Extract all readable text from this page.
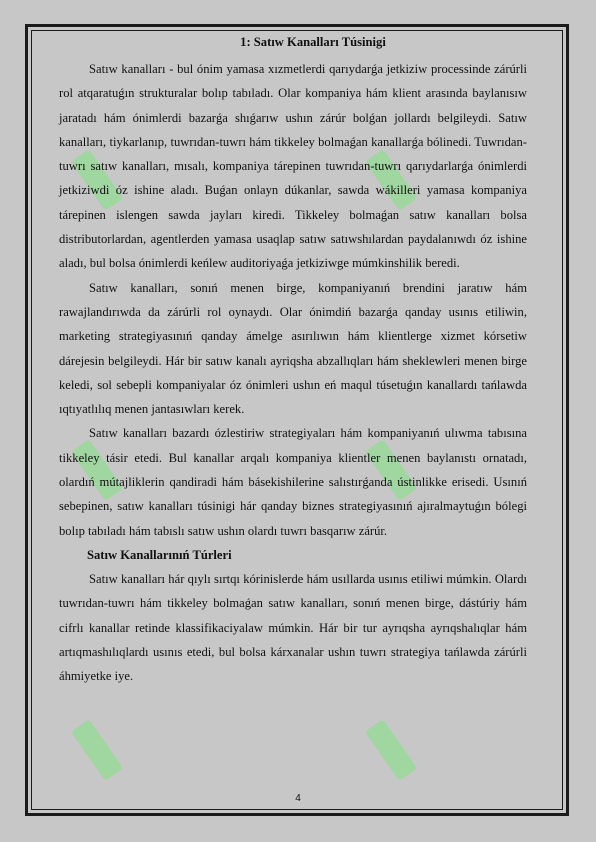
1: Satıw Kanalları Túsinigi

Satıw kanalları - bul ónim yamasa xızmetlerdi qarıydarǵa jetkiziw processinde zárúrli rol atqaratuǵın strukturalar bolıp tabıladı. Olar kompaniya hám klient arasında baylanısıw jaratadı hám ónimlerdi bazarǵa shıǵarıw ushın zárúr bolǵan jollardı belgileydi. Satıw kanalları, tiykarlanıp, tuwrıdan-tuwrı hám tikkeley bolmaǵan kanallarǵa bólinedi. Tuwrıdan-tuwrı satıw kanalları, mısalı, kompaniya tárepinen tuwrıdan-tuwrı qarıydarlarǵa ónimlerdi jetkiziwdi óz ishine aladı. Buǵan onlayn dúkanlar, sawda wákilleri yamasa kompaniya tárepinen islengen sawda jayları kiredi. Tikkeley bolmaǵan satıw kanalları bolsa distributorlardan, agentlerden yamasa usaqlap satıw satıwshılardan paydalanıwdı óz ishine aladı, bul bolsa ónimlerdi keńlew auditoriyaǵa jetkiziwge múmkinshilik beredi.

Satıw kanalları, sonıń menen birge, kompaniyanıń brendini jaratıw hám rawajlandırıwda da zárúrli rol oynaydı. Olar ónimdiń bazarǵa qanday usınıs etiliwin, marketing strategiyasınıń qanday ámelge asırılıwın hám klientlerge xizmet kórsetiw dárejesin belgileydi. Hár bir satıw kanalı ayriqsha abzallıqları hám sheklewleri menen birge keledi, sol sebepli kompaniyalar óz ónimleri ushın eń maqul túsetuǵın kanallardı tańlawda ıqtıyatlılıq menen jantasıwları kerek.

Satıw kanalları bazardı ózlestiriw strategiyaları hám kompaniyanıń ulıwma tabısına tikkeley tásir etedi. Bul kanallar arqalı kompaniya klientler menen baylanıstı ornatadı, olardıń mútajliklerin qandiradi hám básekishilerine salıstırǵanda ústinlikke erisedi. Usınıń sebepinen, satıw kanalları túsinigi hár qanday biznes strategiyasınıń ajıralmaytuǵın bólegi bolıp tabıladı hám tabıslı satıw ushın olardı tuwrı basqarıw zárúr.

Satıw Kanallarınıń Túrleri

Satıw kanalları hár qıylı sırtqı kórinislerde hám usıllarda usınıs etiliwi múmkin. Olardı tuwrıdan-tuwrı hám tikkeley bolmaǵan satıw kanalları, sonıń menen birge, dástúriy hám cifrlı kanallar retinde klassifikaciyalaw múmkin. Hár bir tur ayrıqsha ayrıqshalıqlar hám artıqmashılıqlardı usınıs etedi, bul bolsa kárxanalar ushın tuwrı strategiya tańlawda zárúrli áhmiyetke iye.

4
